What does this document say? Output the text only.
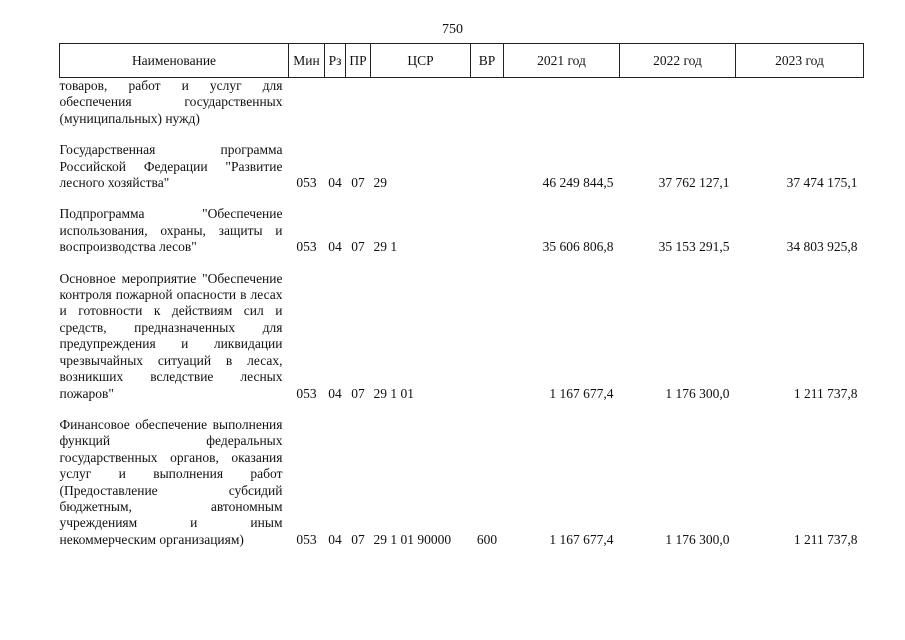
750
Наименование	Мин	Рз	ПР	ЦСР	ВР	2021 год	2022 год	2023 год
товаров, работ и услуг для обеспечения государственных (муниципальных) нужд)								

Государственная программа Российской Федерации "Развитие лесного хозяйства"	053	04	07	29		46 249 844,5	37 762 127,1	37 474 175,1

Подпрограмма "Обеспечение использования, охраны, защиты и воспроизводства лесов"	053	04	07	29 1		35 606 806,8	35 153 291,5	34 803 925,8

Основное мероприятие "Обеспечение контроля пожарной опасности в лесах и готовности к действиям сил и средств, предназначенных для предупреждения и ликвидации чрезвычайных ситуаций в лесах, возникших вследствие лесных пожаров"	053	04	07	29 1 01		1 167 677,4	1 176 300,0	1 211 737,8

Финансовое обеспечение выполнения функций федеральных государственных органов, оказания услуг и выполнения работ (Предоставление субсидий бюджетным, автономным учреждениям и иным некоммерческим организациям)	053	04	07	29 1 01 90000	600	1 167 677,4	1 176 300,0	1 211 737,8
